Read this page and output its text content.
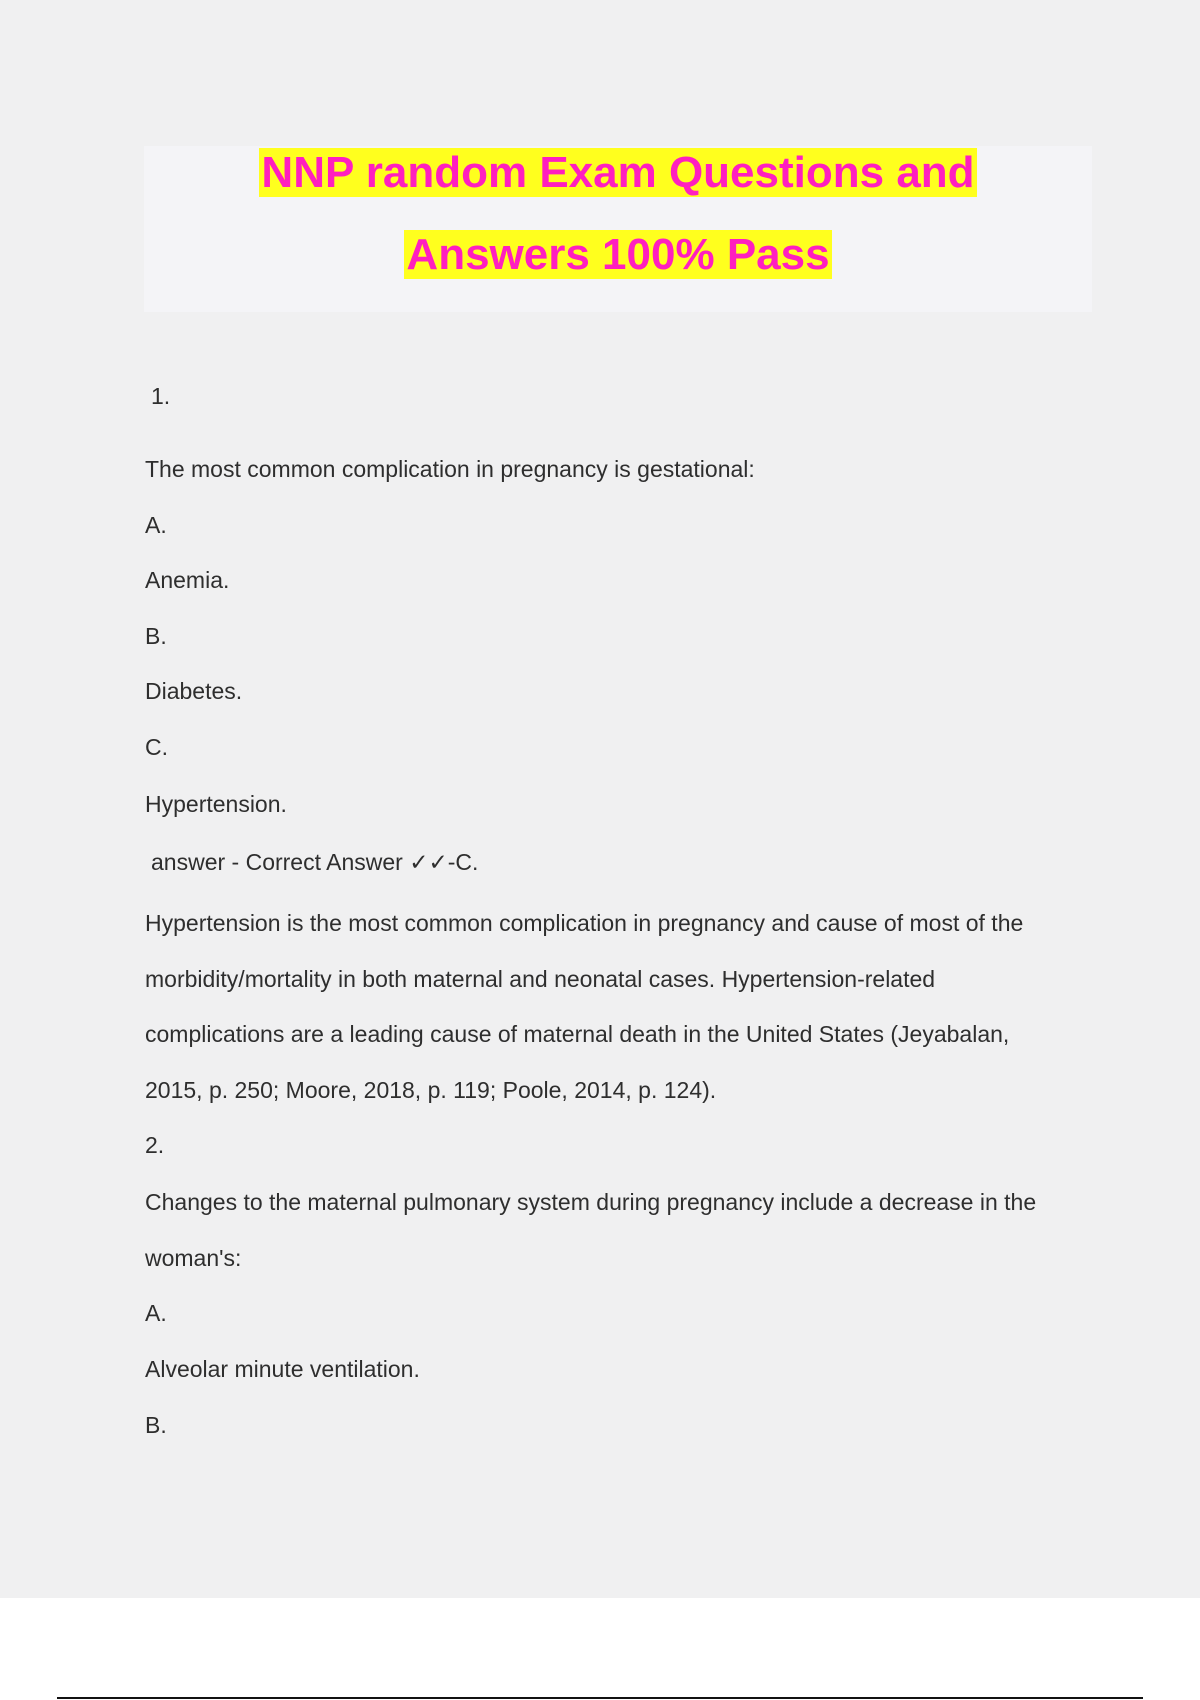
NNP random Exam Questions and
Answers 100% Pass
1.
The most common complication in pregnancy is gestational:
A.
Anemia.
B.
Diabetes.
C.
Hypertension.
answer - Correct Answer ✓✓-C.
Hypertension is the most common complication in pregnancy and cause of most of the
morbidity/mortality in both maternal and neonatal cases. Hypertension-related
complications are a leading cause of maternal death in the United States (Jeyabalan,
2015, p. 250; Moore, 2018, p. 119; Poole, 2014, p. 124).
2.
Changes to the maternal pulmonary system during pregnancy include a decrease in the
woman's:
A.
Alveolar minute ventilation.
B.
